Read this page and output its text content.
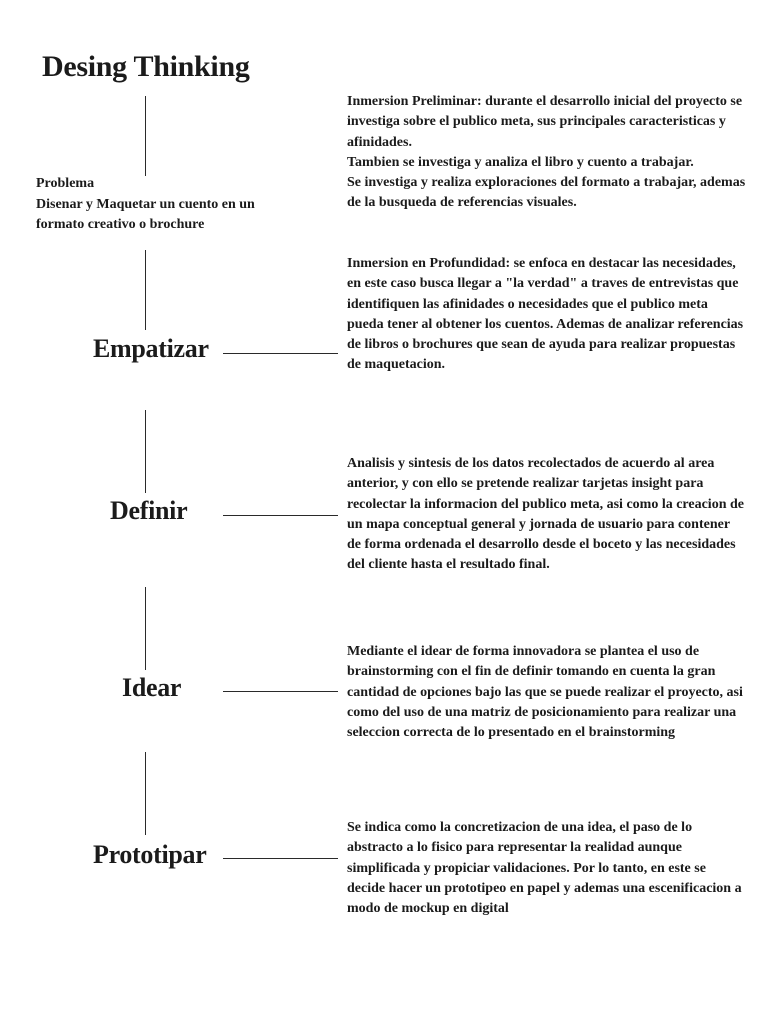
Desing Thinking
Problema
Disenar y Maquetar un cuento en un formato creativo o brochure
Empatizar

Inmersion Preliminar: durante el desarrollo inicial del proyecto se investiga sobre el publico meta, sus principales caracteristicas y afinidades.

Tambien se investiga y analiza el libro y cuento a trabajar.

Se investiga y realiza exploraciones del formato a trabajar, ademas de la busqueda de referencias visuales.

Inmersion en Profundidad: se enfoca en destacar las necesidades, en este caso busca llegar a "la verdad" a traves de entrevistas que identifiquen las afinidades o necesidades que el publico meta pueda tener al obtener los cuentos. Ademas de analizar referencias de libros o brochures que sean de ayuda para realizar propuestas de maquetacion.

Definir

Analisis y sintesis de los datos recolectados de acuerdo al area anterior, y con ello se pretende realizar tarjetas insight para recolectar la informacion del publico meta, asi como la creacion de un mapa conceptual general y jornada de usuario para contener de forma ordenada el desarrollo desde el boceto y las necesidades del cliente hasta el resultado final.

Idear

Mediante el idear de forma innovadora se plantea el uso de brainstorming con el fin de definir tomando en cuenta la gran cantidad de opciones bajo las que se puede realizar el proyecto, asi como del uso de una matriz de posicionamiento para realizar una seleccion correcta de lo presentado en el brainstorming

Prototipar

Se indica como la concretizacion de una idea, el paso de lo abstracto a lo fisico para representar la realidad aunque simplificada y propiciar validaciones. Por lo tanto, en este se decide hacer un prototipeo en papel y ademas una escenificacion a modo de mockup en digital
